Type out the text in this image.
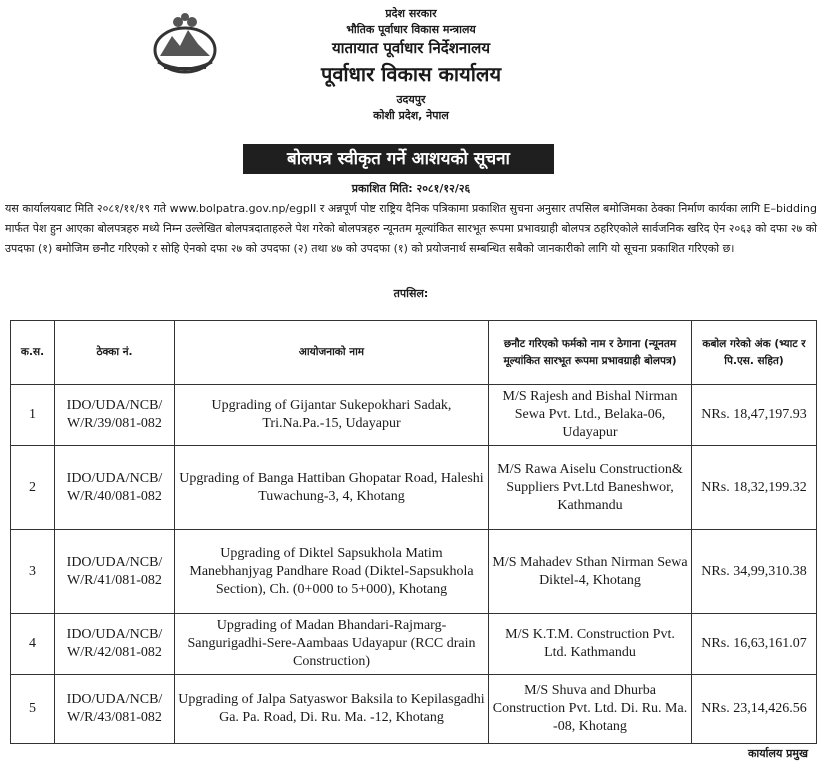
प्रदेश सरकार
भौतिक पूर्वाधार विकास मन्त्रालय
यातायात पूर्वाधार निर्देशनालय
पूर्वाधार विकास कार्यालय
उदयपुर
कोशी प्रदेश, नेपाल
बोलपत्र स्वीकृत गर्ने आशयको सूचना
प्रकाशित मिति: २०८१/१२/२६
यस कार्यालयबाट मिति २०८१/११/१९ गते www.bolpatra.gov.np/egpII र अन्नपूर्ण पोष्ट राष्ट्रिय दैनिक पत्रिकामा प्रकाशित सुचना अनुसार तपसिल बमोजिमका ठेक्का निर्माण कार्यका लागि E–bidding मार्फत पेश हुन आएका बोलपत्रहरु मध्ये निम्न उल्लेखित बोलपत्रदाताहरुले पेश गरेको बोलपत्रहरु न्यूनतम मूल्यांकित सारभूत रूपमा प्रभावग्राही बोलपत्र ठहरिएकोले सार्वजनिक खरिद ऐन २०६३ को दफा २७ को उपदफा (१) बमोजिम छनौट गरिएको र सोहि ऐनको दफा २७ को उपदफा (२) तथा ४७ को उपदफा (१) को प्रयोजनार्थ सम्बन्धित सबैको जानकारीको लागि यो सूचना प्रकाशित गरिएको छ।
तपसिल:
क.स.	ठेक्का नं.	आयोजनाको नाम	छनौट गरिएको फर्मको नाम र ठेगाना (न्यूनतम मूल्यांकित सारभूत रूपमा प्रभावग्राही बोलपत्र)	कबोल गरेको अंक (भ्याट र पि.एस. सहित)
1	IDO/UDA/NCB/ W/R/39/081-082	Upgrading of Gijantar Sukepokhari Sadak, Tri.Na.Pa.-15, Udayapur	M/S Rajesh and Bishal Nirman Sewa Pvt. Ltd., Belaka-06, Udayapur	NRs. 18,47,197.93
2	IDO/UDA/NCB/ W/R/40/081-082	Upgrading of Banga Hattiban Ghopatar Road, Haleshi Tuwachung-3, 4, Khotang	M/S Rawa Aiselu Construction& Suppliers Pvt.Ltd Baneshwor, Kathmandu	NRs. 18,32,199.32
3	IDO/UDA/NCB/ W/R/41/081-082	Upgrading of Diktel Sapsukhola Matim Manebhanjyag Pandhare Road (Diktel-Sapsukhola Section), Ch. (0+000 to 5+000), Khotang	M/S Mahadev Sthan Nirman Sewa Diktel-4, Khotang	NRs. 34,99,310.38
4	IDO/UDA/NCB/ W/R/42/081-082	Upgrading of Madan Bhandari-Rajmarg-Sangurigadhi-Sere-Aambaas Udayapur (RCC drain Construction)	M/S K.T.M. Construction Pvt. Ltd. Kathmandu	NRs. 16,63,161.07
5	IDO/UDA/NCB/ W/R/43/081-082	Upgrading of Jalpa Satyaswor Baksila to Kepilasgadhi Ga. Pa. Road, Di. Ru. Ma. -12, Khotang	M/S Shuva and Dhurba Construction Pvt. Ltd. Di. Ru. Ma. -08, Khotang	NRs. 23,14,426.56
कार्यालय प्रमुख
